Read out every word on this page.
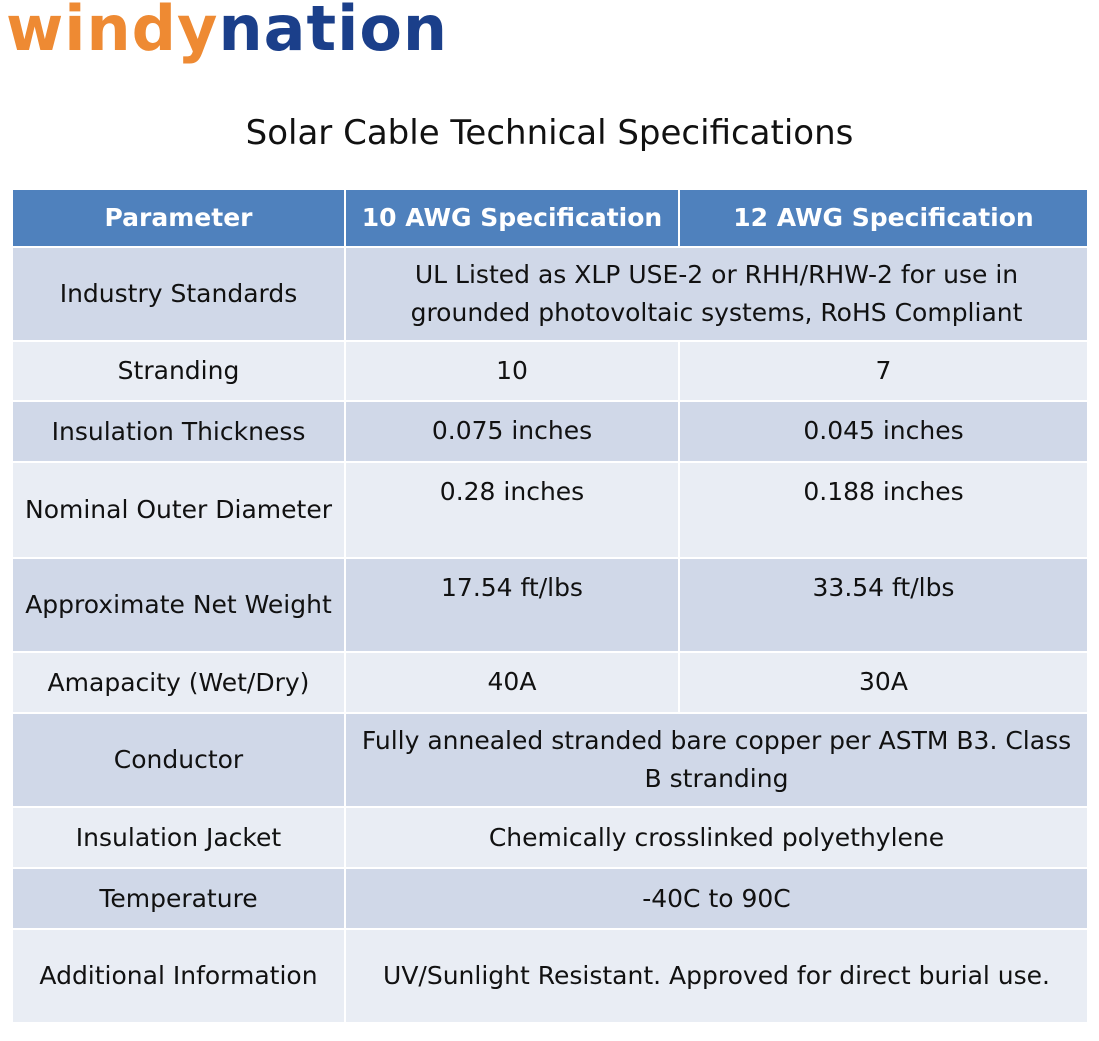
windynation
Solar Cable Technical Specifications
Parameter	10 AWG Specification	12 AWG Specification
Industry Standards	UL Listed as XLP USE-2 or RHH/RHW-2 for use in grounded photovoltaic systems, RoHS Compliant	
Stranding	10	7
Insulation Thickness	0.075 inches	0.045 inches
Nominal Outer Diameter	0.28 inches	0.188 inches
Approximate Net Weight	17.54 ft/lbs	33.54 ft/lbs
Amapacity (Wet/Dry)	40A	30A
Conductor	Fully annealed stranded bare copper per ASTM B3. Class B stranding	
Insulation Jacket	Chemically crosslinked polyethylene	
Temperature	-40C to 90C	
Additional Information	UV/Sunlight Resistant. Approved for direct burial use.	
